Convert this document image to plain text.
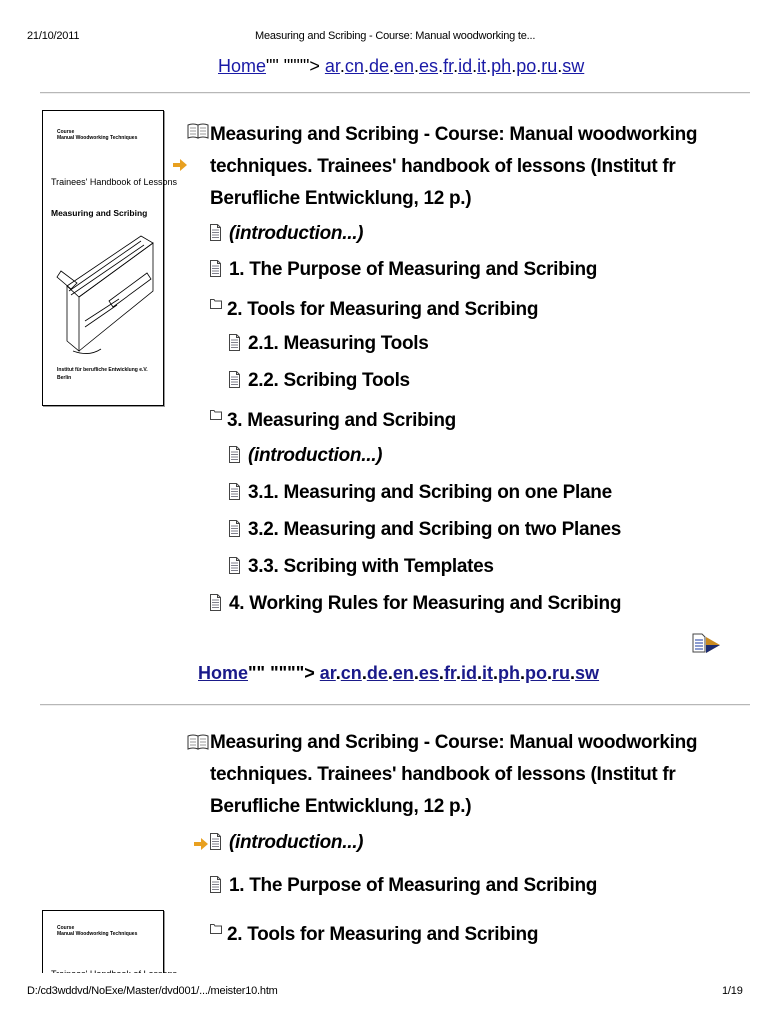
21/10/2011	Measuring and Scribing - Course: Manual woodworking te...
Home"" """"> ar.cn.de.en.es.fr.id.it.ph.po.ru.sw
Course
Manual Woodworking Techniques
Trainees' Handbook of Lessons
Measuring and Scribing
Institut für berufliche Entwicklung e.V.
Berlin
Measuring and Scribing - Course: Manual woodworking techniques. Trainees' handbook of lessons (Institut fr Berufliche Entwicklung, 12 p.)
(introduction...)
1. The Purpose of Measuring and Scribing
2. Tools for Measuring and Scribing
2.1. Measuring Tools
2.2. Scribing Tools
3. Measuring and Scribing
(introduction...)
3.1. Measuring and Scribing on one Plane
3.2. Measuring and Scribing on two Planes
3.3. Scribing with Templates
4. Working Rules for Measuring and Scribing
Home"" """"> ar.cn.de.en.es.fr.id.it.ph.po.ru.sw
Measuring and Scribing - Course: Manual woodworking techniques. Trainees' handbook of lessons (Institut fr Berufliche Entwicklung, 12 p.)
(introduction...)
1. The Purpose of Measuring and Scribing
2. Tools for Measuring and Scribing
Course
Manual Woodworking Techniques
D:/cd3wddvd/NoExe/Master/dvd001/.../meister10.htm	1/19
